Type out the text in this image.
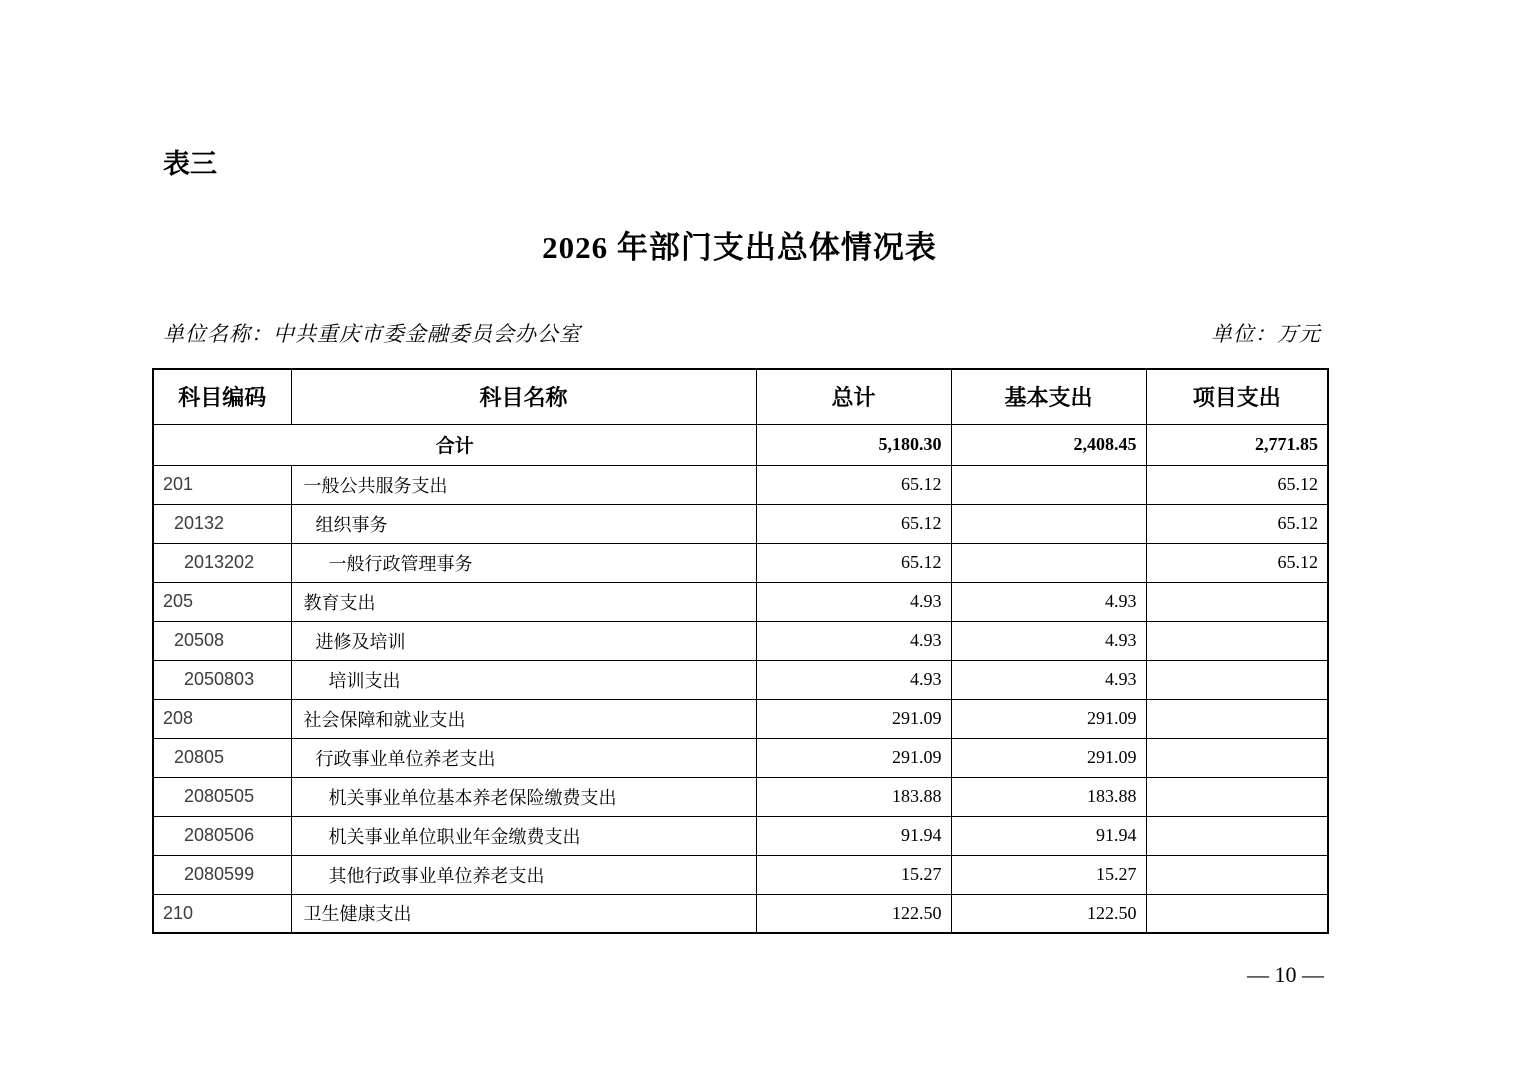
表三
2026 年部门支出总体情况表
单位名称：中共重庆市委金融委员会办公室	单位：万元
科目编码	科目名称	总计	基本支出	项目支出
合计		5,180.30	2,408.45	2,771.85
201	一般公共服务支出	65.12		65.12
20132	组织事务	65.12		65.12
2013202	一般行政管理事务	65.12		65.12
205	教育支出	4.93	4.93	
20508	进修及培训	4.93	4.93	
2050803	培训支出	4.93	4.93	
208	社会保障和就业支出	291.09	291.09	
20805	行政事业单位养老支出	291.09	291.09	
2080505	机关事业单位基本养老保险缴费支出	183.88	183.88	
2080506	机关事业单位职业年金缴费支出	91.94	91.94	
2080599	其他行政事业单位养老支出	15.27	15.27	
210	卫生健康支出	122.50	122.50	
— 10 —
